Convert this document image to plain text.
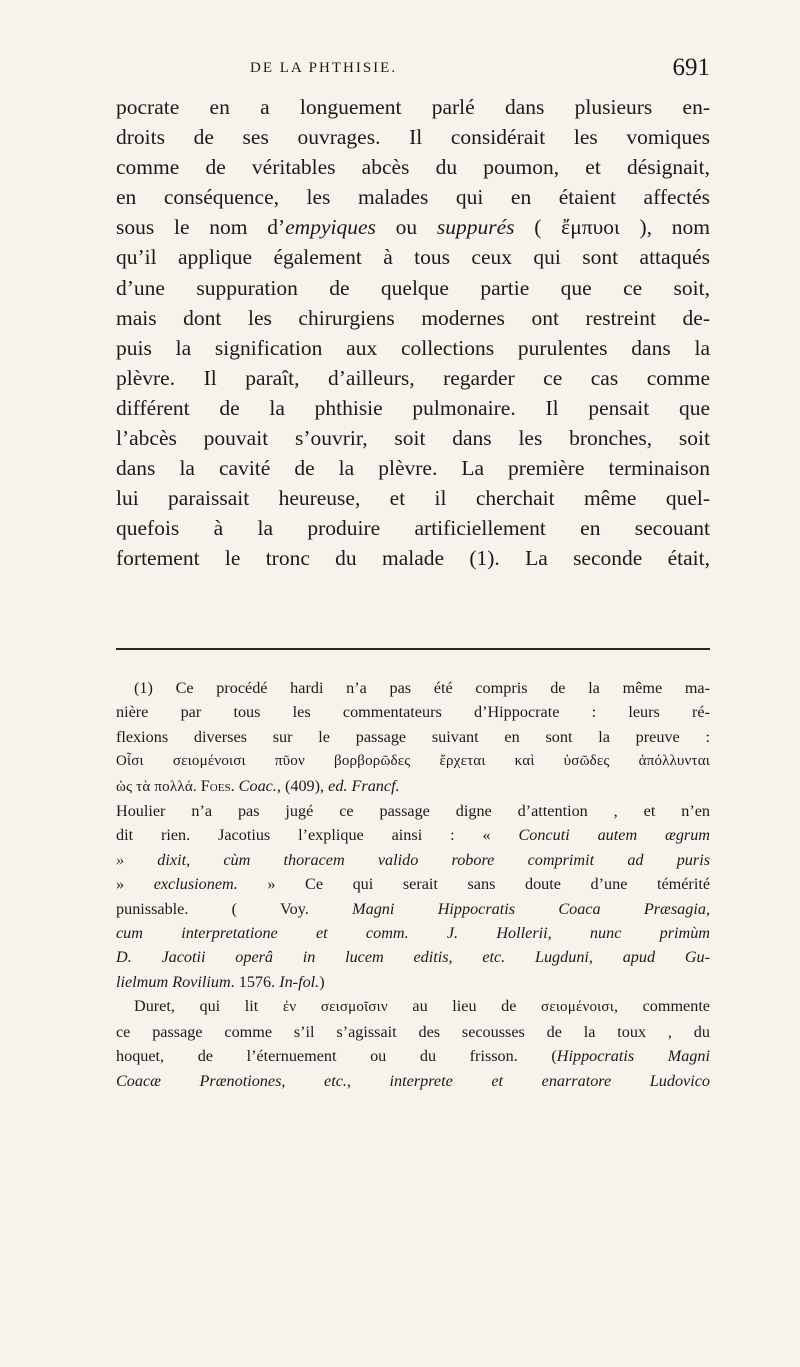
DE LA PHTHISIE.	691
pocrate en a longuement parlé dans plusieurs en-
droits de ses ouvrages. Il considérait les vomiques
comme de véritables abcès du poumon, et désignait,
en conséquence, les malades qui en étaient affectés
sous le nom d’empyiques ou suppurés ( ἔμπυοι ), nom
qu’il applique également à tous ceux qui sont attaqués
d’une suppuration de quelque partie que ce soit,
mais dont les chirurgiens modernes ont restreint de-
puis la signification aux collections purulentes dans la
plèvre. Il paraît, d’ailleurs, regarder ce cas comme
différent de la phthisie pulmonaire. Il pensait que
l’abcès pouvait s’ouvrir, soit dans les bronches, soit
dans la cavité de la plèvre. La première terminaison
lui paraissait heureuse, et il cherchait même quel-
quefois à la produire artificiellement en secouant
fortement le tronc du malade (1). La seconde était,
(1) Ce procédé hardi n’a pas été compris de la même ma-
nière par tous les commentateurs d’Hippocrate : leurs ré-
flexions diverses sur le passage suivant en sont la preuve :
Οἷσι σειομένοισι πῦον βορβορῶδες ἔρχεται καὶ ὑσῶδες ἀπόλλυνται
ὡς τὰ πολλά. Foes. Coac., (409), ed. Francf.
Houlier n’a pas jugé ce passage digne d’attention , et n’en
dit rien. Jacotius l’explique ainsi : « Concuti autem ægrum
» dixit, cùm thoracem valido robore comprimit ad puris
» exclusionem. » Ce qui serait sans doute d’une témérité
punissable. ( Voy. Magni Hippocratis Coaca Præsagia,
cum interpretatione et comm. J. Hollerii, nunc primùm
D. Jacotii operâ in lucem editis, etc. Lugduni, apud Gu-
lielmum Rovilium. 1576. In-fol.)
Duret, qui lit ἐν σεισμοῖσιν au lieu de σειομένοισι, commente
ce passage comme s’il s’agissait des secousses de la toux , du
hoquet, de l’éternuement ou du frisson. (Hippocratis Magni
Coacæ Prænotiones, etc., interprete et enarratore Ludovico
